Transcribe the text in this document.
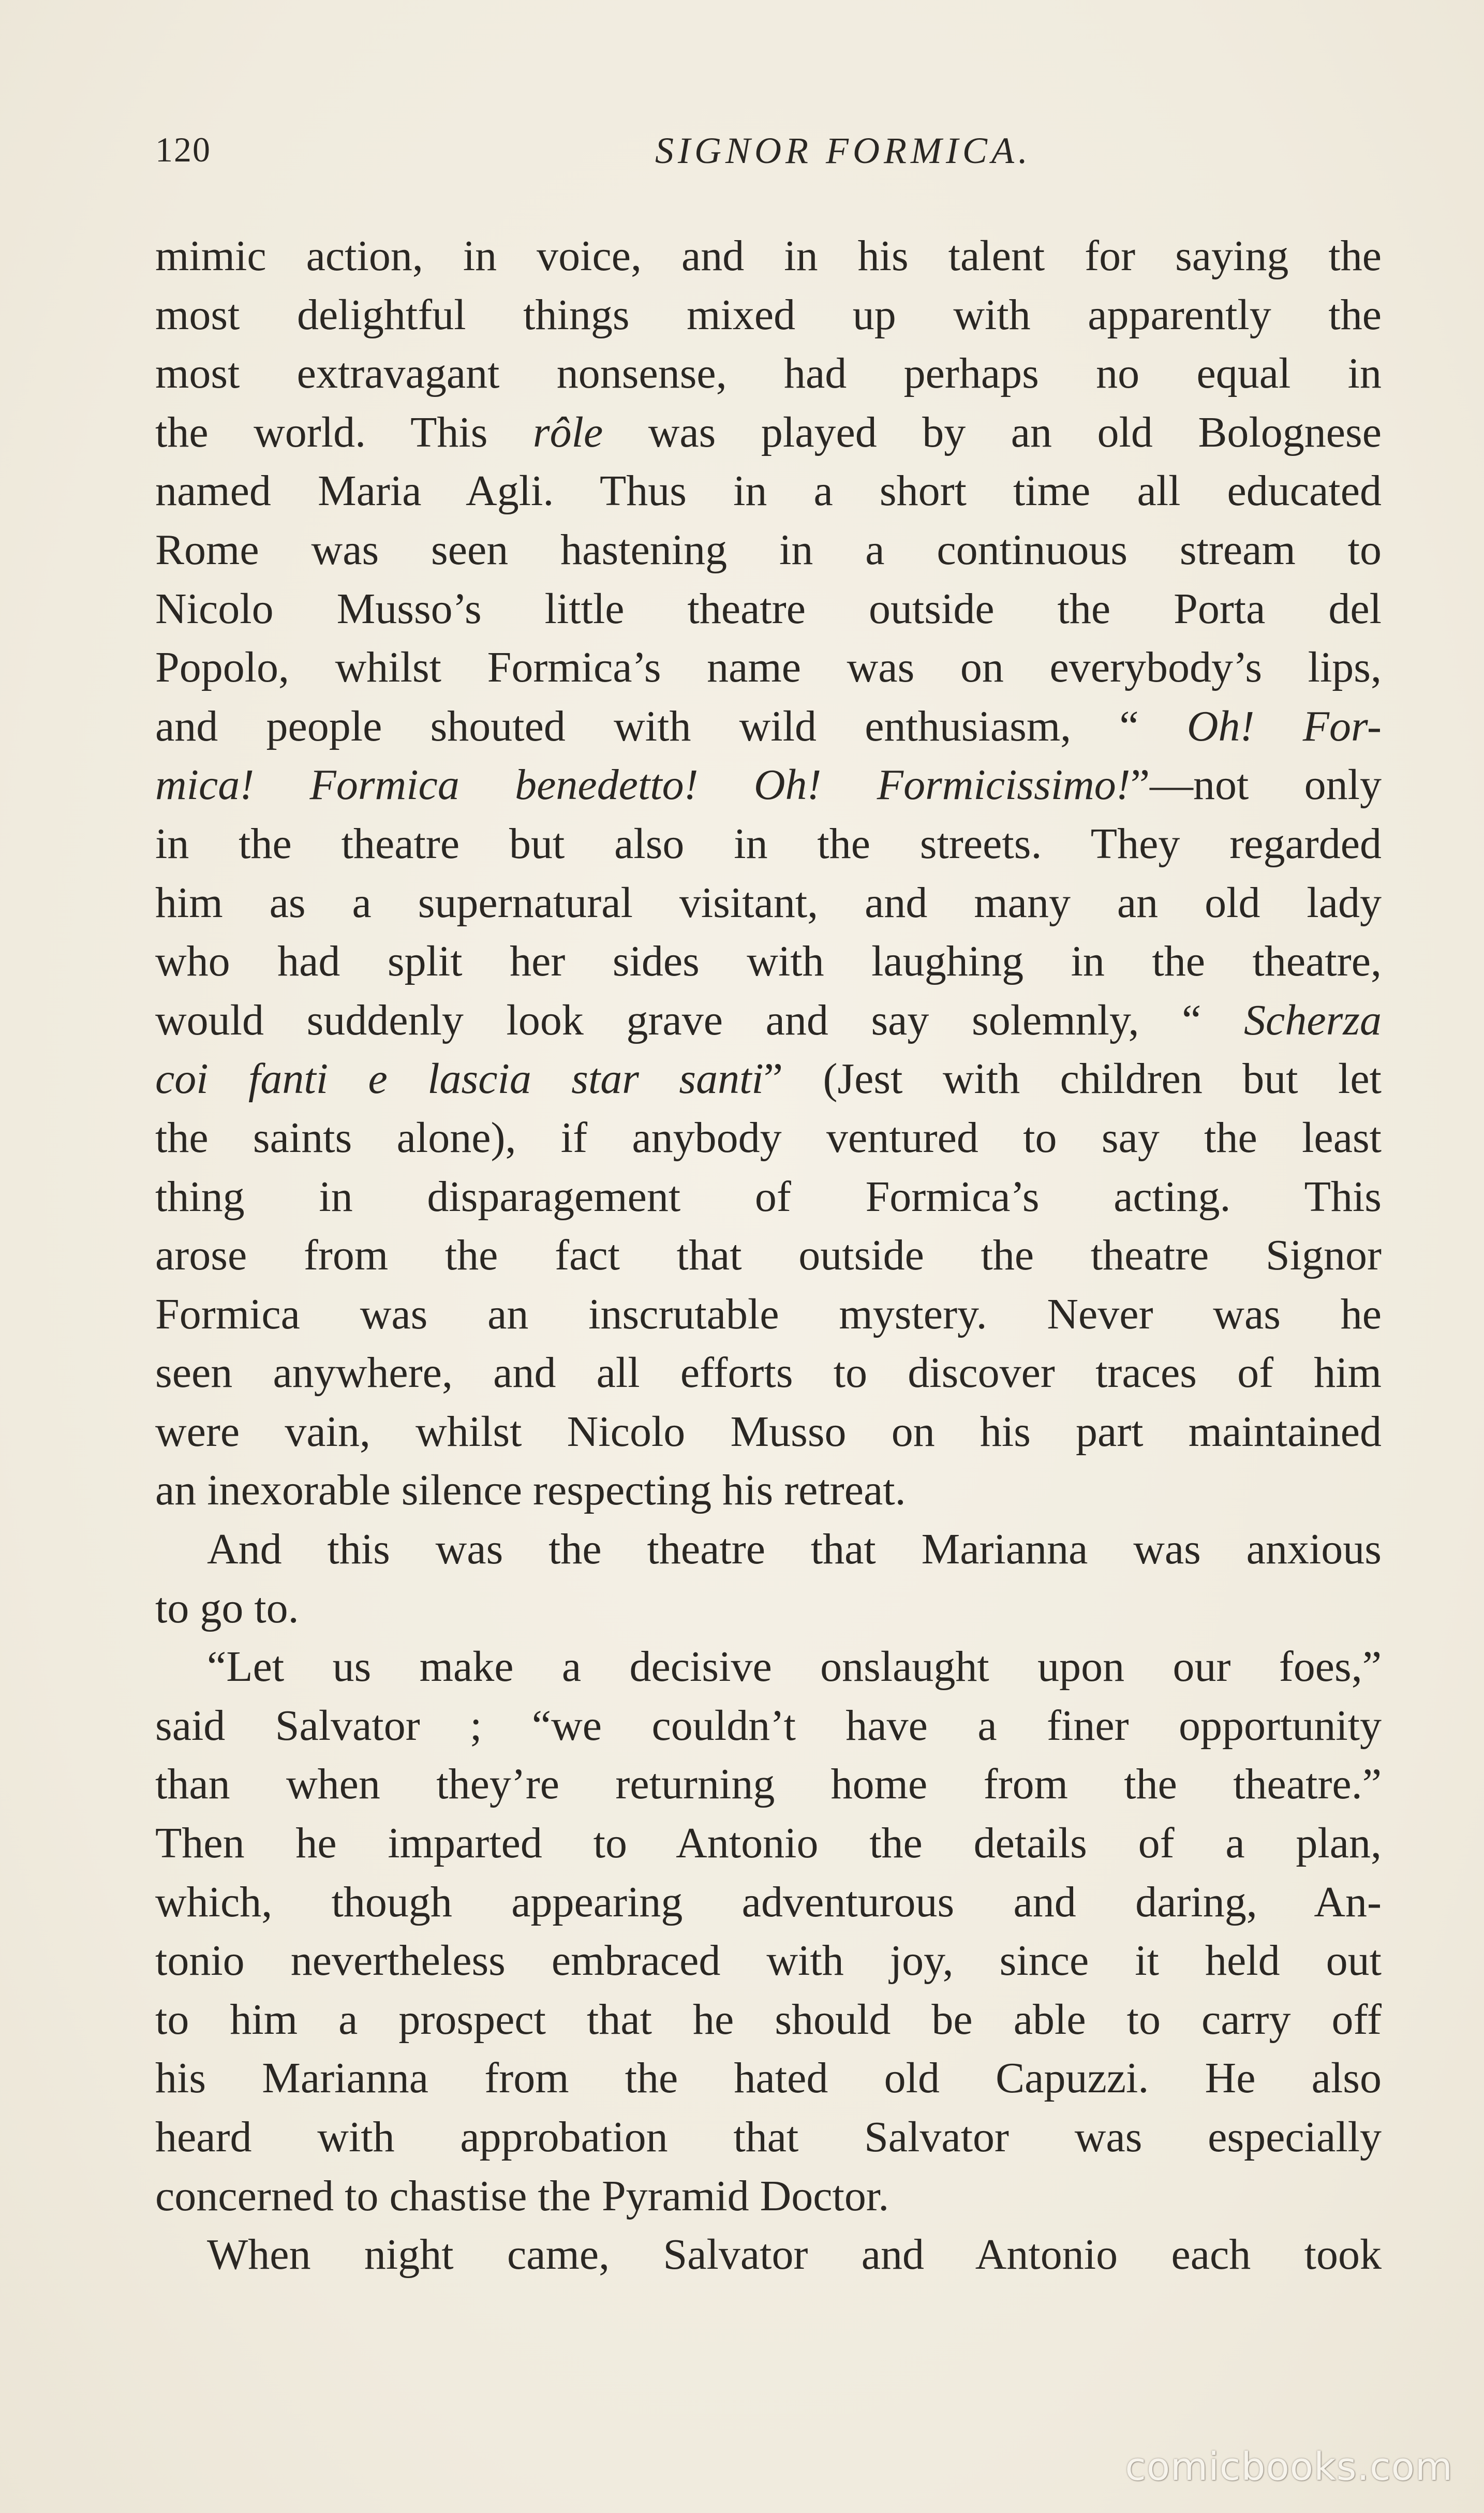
120	SIGNOR FORMICA.
mimic action, in voice, and in his talent for saying the
most delightful things mixed up with apparently the
most extravagant nonsense, had perhaps no equal in
the world. This rôle was played by an old Bolognese
named Maria Agli. Thus in a short time all educated
Rome was seen hastening in a continuous stream to
Nicolo Musso’s little theatre outside the Porta del
Popolo, whilst Formica’s name was on everybody’s lips,
and people shouted with wild enthusiasm, “ Oh! For-
mica! Formica benedetto! Oh! Formicissimo!”—not only
in the theatre but also in the streets. They regarded
him as a supernatural visitant, and many an old lady
who had split her sides with laughing in the theatre,
would suddenly look grave and say solemnly, “ Scherza
coi fanti e lascia star santi” (Jest with children but let
the saints alone), if anybody ventured to say the least
thing in disparagement of Formica’s acting. This
arose from the fact that outside the theatre Signor
Formica was an inscrutable mystery. Never was he
seen anywhere, and all efforts to discover traces of him
were vain, whilst Nicolo Musso on his part maintained
an inexorable silence respecting his retreat.
And this was the theatre that Marianna was anxious
to go to.
“Let us make a decisive onslaught upon our foes,”
said Salvator ; “we couldn’t have a finer opportunity
than when they’re returning home from the theatre.”
Then he imparted to Antonio the details of a plan,
which, though appearing adventurous and daring, An-
tonio nevertheless embraced with joy, since it held out
to him a prospect that he should be able to carry off
his Marianna from the hated old Capuzzi. He also
heard with approbation that Salvator was especially
concerned to chastise the Pyramid Doctor.
When night came, Salvator and Antonio each took
comicbooks.com
